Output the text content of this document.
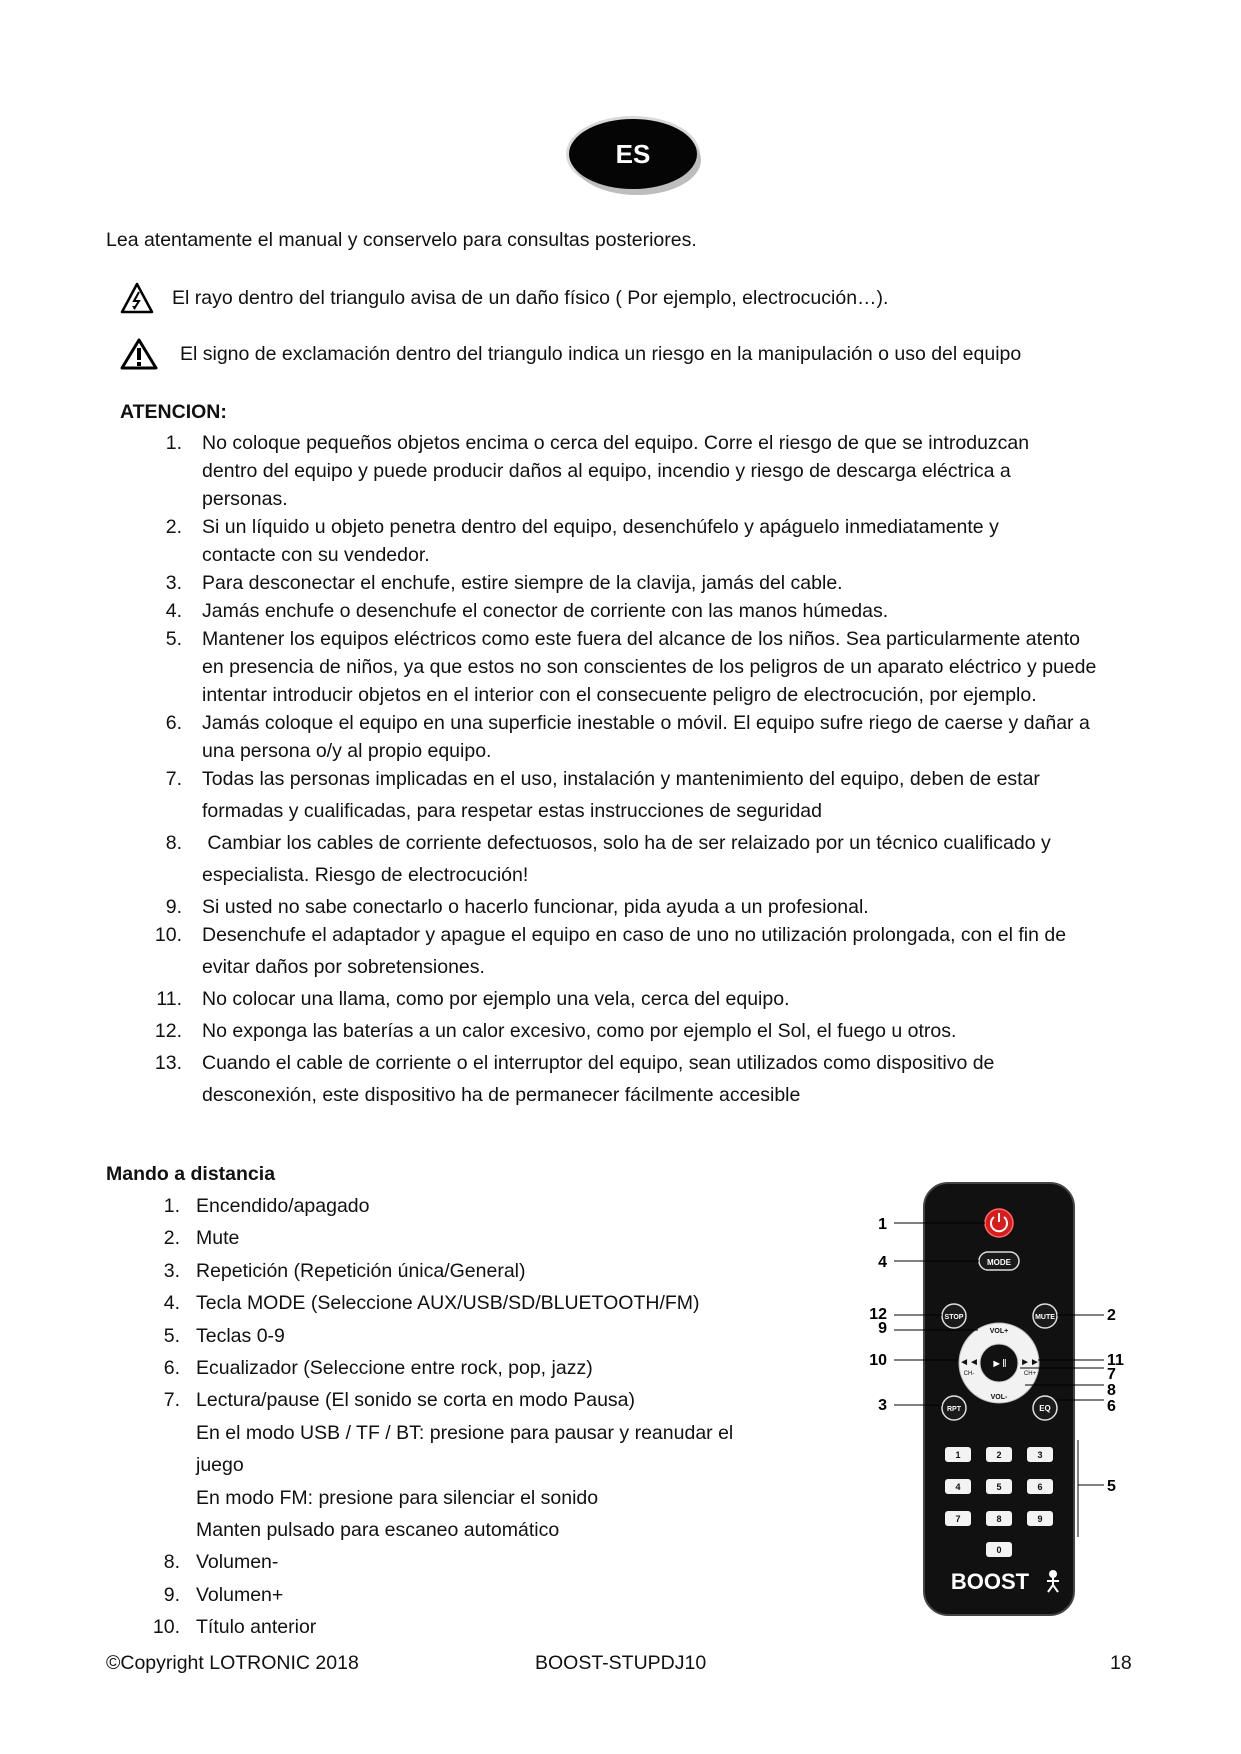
ES
Lea atentamente el manual y conservelo para consultas posteriores.
El rayo dentro del triangulo avisa de un daño físico ( Por ejemplo, electrocución…).
El signo de exclamación dentro del triangulo indica un riesgo en la manipulación o uso del equipo
ATENCION:
1.	No coloque pequeños objetos encima o cerca del equipo. Corre el riesgo de que se introduzcan
dentro del equipo y puede producir daños al equipo, incendio y riesgo de descarga eléctrica a
personas.
2.	Si un líquido u objeto penetra dentro del equipo, desenchúfelo y apáguelo inmediatamente y
contacte con su vendedor.
3.	Para desconectar el enchufe, estire siempre de la clavija, jamás del cable.
4.	Jamás enchufe o desenchufe el conector de corriente con las manos húmedas.
5.	Mantener los equipos eléctricos como este fuera del alcance de los niños. Sea particularmente atento
en presencia de niños, ya que estos no son conscientes de los peligros de un aparato eléctrico y puede
intentar introducir objetos en el interior con el consecuente peligro de electrocución, por ejemplo.
6.	Jamás coloque el equipo en una superficie inestable o móvil. El equipo sufre riego de caerse y dañar a
una persona o/y al propio equipo.
7.	Todas las personas implicadas en el uso, instalación y mantenimiento del equipo, deben de estar
formadas y cualificadas, para respetar estas instrucciones de seguridad
8.	Cambiar los cables de corriente defectuosos, solo ha de ser relaizado por un técnico cualificado y
especialista. Riesgo de electrocución!
9.	Si usted no sabe conectarlo o hacerlo funcionar, pida ayuda a un profesional.
10.	Desenchufe el adaptador y apague el equipo en caso de uno no utilización prolongada, con el fin de
evitar daños por sobretensiones.
11.	No colocar una llama, como por ejemplo una vela, cerca del equipo.
12.	No exponga las baterías a un calor excesivo, como por ejemplo el Sol, el fuego u otros.
13.	Cuando el cable de corriente o el interruptor del equipo, sean utilizados como dispositivo de
desconexión, este dispositivo ha de permanecer fácilmente accesible
Mando a distancia
1. Encendido/apagado
2. Mute
3. Repetición (Repetición única/General)
4. Tecla MODE (Seleccione AUX/USB/SD/BLUETOOTH/FM)
5. Teclas 0-9
6. Ecualizador (Seleccione entre rock, pop, jazz)
7. Lectura/pause (El sonido se corta en modo Pausa)
En el modo USB / TF / BT: presione para pausar y reanudar el
juego
En modo FM: presione para silenciar el sonido
Manten pulsado para escaneo automático
8. Volumen-
9. Volumen+
10. Título anterior
MODE
STOP	MUTE
►‖
VOL+
VOL-
◄◄
CH-
►►
CH+
RPT	EQ
1	2	3
4	5	6
7	8	9
0
BOOST
1
4
12
9
10
3
2
11
7
8
6
5
©Copyright LOTRONIC 2018	BOOST-STUPDJ10	18
